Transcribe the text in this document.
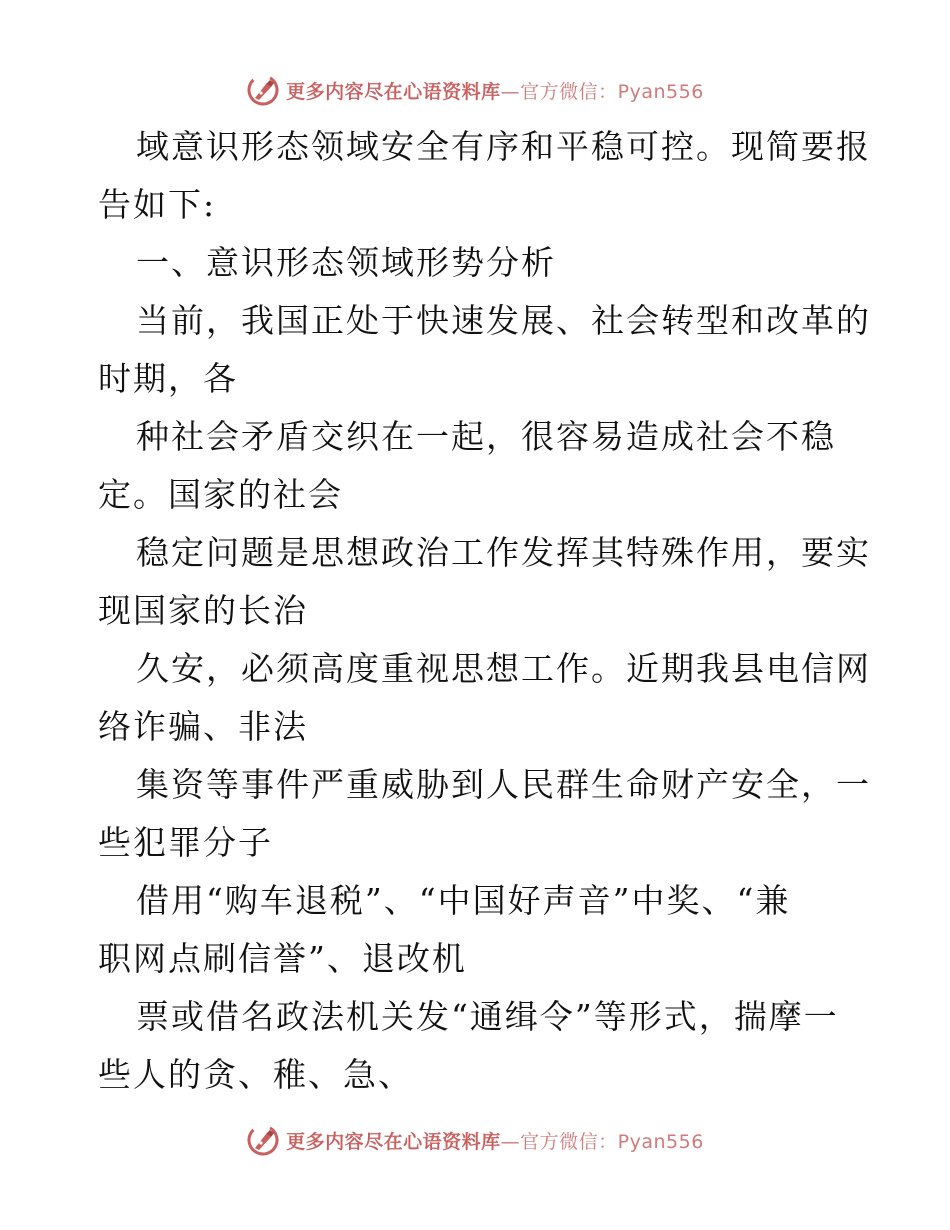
更多内容尽在心语资料库—官方微信：Pyan556
域意识形态领域安全有序和平稳可控。现简要报
告如下:
一、意识形态领域形势分析
当前，我国正处于快速发展、社会转型和改革的
时期，各
种社会矛盾交织在一起，很容易造成社会不稳
定。国家的社会
稳定问题是思想政治工作发挥其特殊作用，要实
现国家的长治
久安，必须高度重视思想工作。近期我县电信网
络诈骗、非法
集资等事件严重威胁到人民群生命财产安全，一
些犯罪分子
借用“购车退税”、“中国好声音”中奖、“兼
职网点刷信誉”、退改机
票或借名政法机关发“通缉令”等形式，揣摩一
些人的贪、稚、急、
更多内容尽在心语资料库—官方微信：Pyan556
